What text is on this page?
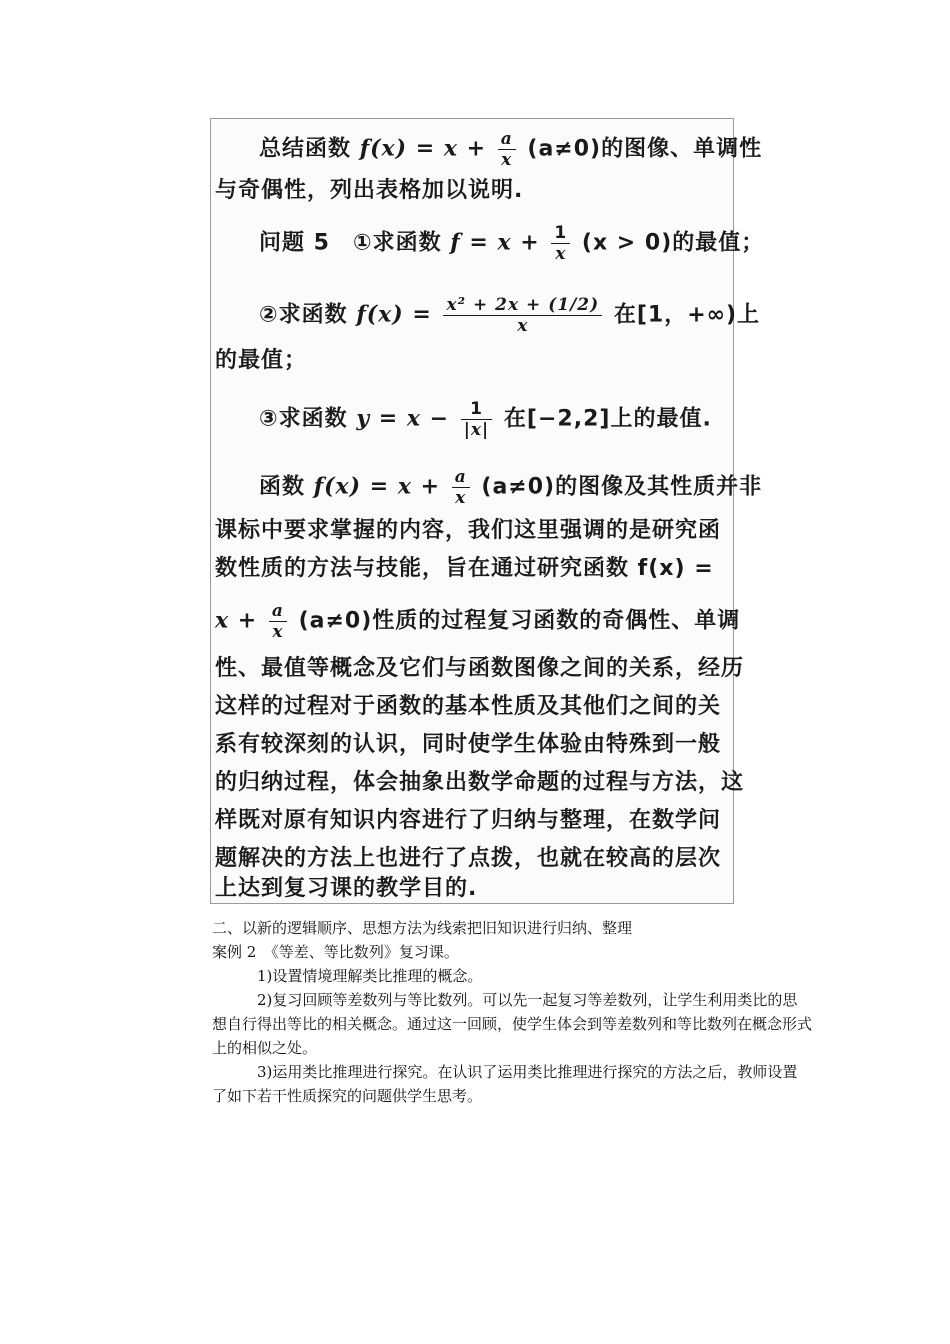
总结函数 $f(x) = x + \frac{a}{x} (a\ne 0)$的图像、单调性
与奇偶性，列出表格加以说明.
问题 5　①求函数 $f = x + \frac{1}{x} (x > 0)$的最值；
②求函数 $f(x) = \frac{\text{x² + 2x + (1/2)}}{x}$ 在[1，+∞)上
的最值；
③求函数 $y = x - \frac{1}{|x|}$ 在[−2,2]上的最值.
函数 $f(x) = x + \frac{a}{x} (a\ne 0)$的图像及其性质并非
课标中要求掌握的内容，我们这里强调的是研究函
数性质的方法与技能，旨在通过研究函数 f(x) =
$x + \frac{a}{x} (a\ne 0)$性质的过程复习函数的奇偶性、单调
性、最值等概念及它们与函数图像之间的关系，经历
这样的过程对于函数的基本性质及其他们之间的关
系有较深刻的认识，同时使学生体验由特殊到一般
的归纳过程，体会抽象出数学命题的过程与方法，这
样既对原有知识内容进行了归纳与整理，在数学问
题解决的方法上也进行了点拨，也就在较高的层次
上达到复习课的教学目的.

二、以新的逻辑顺序、思想方法为线索把旧知识进行归纳、整理

案例 2　《等差、等比数列》复习课。

1)设置情境理解类比推理的概念。

2)复习回顾等差数列与等比数列。可以先一起复习等差数列，让学生利用类比的思想自行得出等比的相关概念。通过这一回顾，使学生体会到等差数列和等比数列在概念形式上的相似之处。

3)运用类比推理进行探究。在认识了运用类比推理进行探究的方法之后，教师设置了如下若干性质探究的问题供学生思考。
